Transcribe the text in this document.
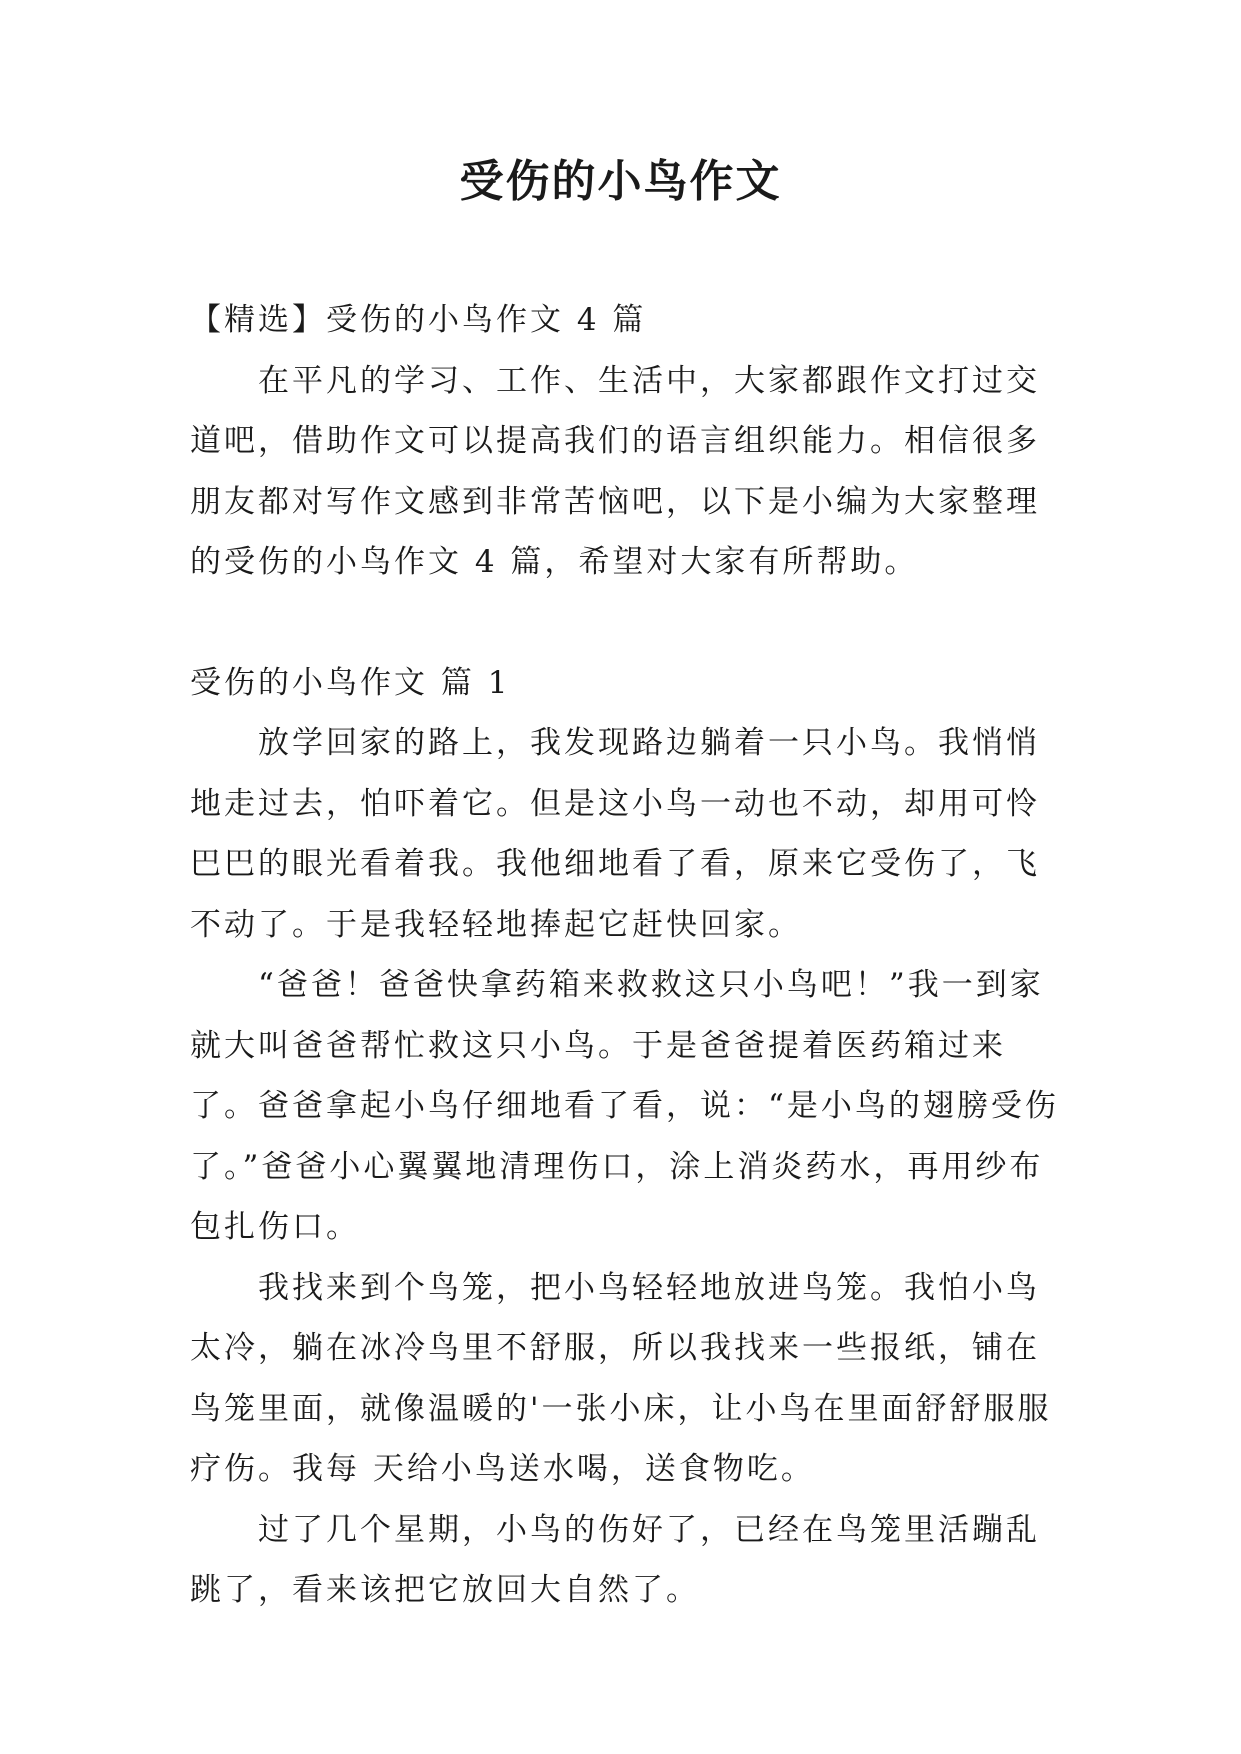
受伤的小鸟作文

【精选】受伤的小鸟作文 4 篇

在平凡的学习、工作、生活中，大家都跟作文打过交道吧，借助作文可以提高我们的语言组织能力。相信很多朋友都对写作文感到非常苦恼吧，以下是小编为大家整理的受伤的小鸟作文 4 篇，希望对大家有所帮助。

受伤的小鸟作文 篇 1

放学回家的路上，我发现路边躺着一只小鸟。我悄悄地走过去，怕吓着它。但是这小鸟一动也不动，却用可怜巴巴的眼光看着我。我他细地看了看，原来它受伤了，飞不动了。于是我轻轻地捧起它赶快回家。

“爸爸！爸爸快拿药箱来救救这只小鸟吧！”我一到家就大叫爸爸帮忙救这只小鸟。于是爸爸提着医药箱过来了。爸爸拿起小鸟仔细地看了看，说：“是小鸟的翅膀受伤了。”爸爸小心翼翼地清理伤口，涂上消炎药水，再用纱布包扎伤口。

我找来到个鸟笼，把小鸟轻轻地放进鸟笼。我怕小鸟太冷，躺在冰冷鸟里不舒服，所以我找来一些报纸，铺在鸟笼里面，就像温暖的'一张小床，让小鸟在里面舒舒服服疗伤。我每 天给小鸟送水喝，送食物吃。

过了几个星期，小鸟的伤好了，已经在鸟笼里活蹦乱跳了，看来该把它放回大自然了。
